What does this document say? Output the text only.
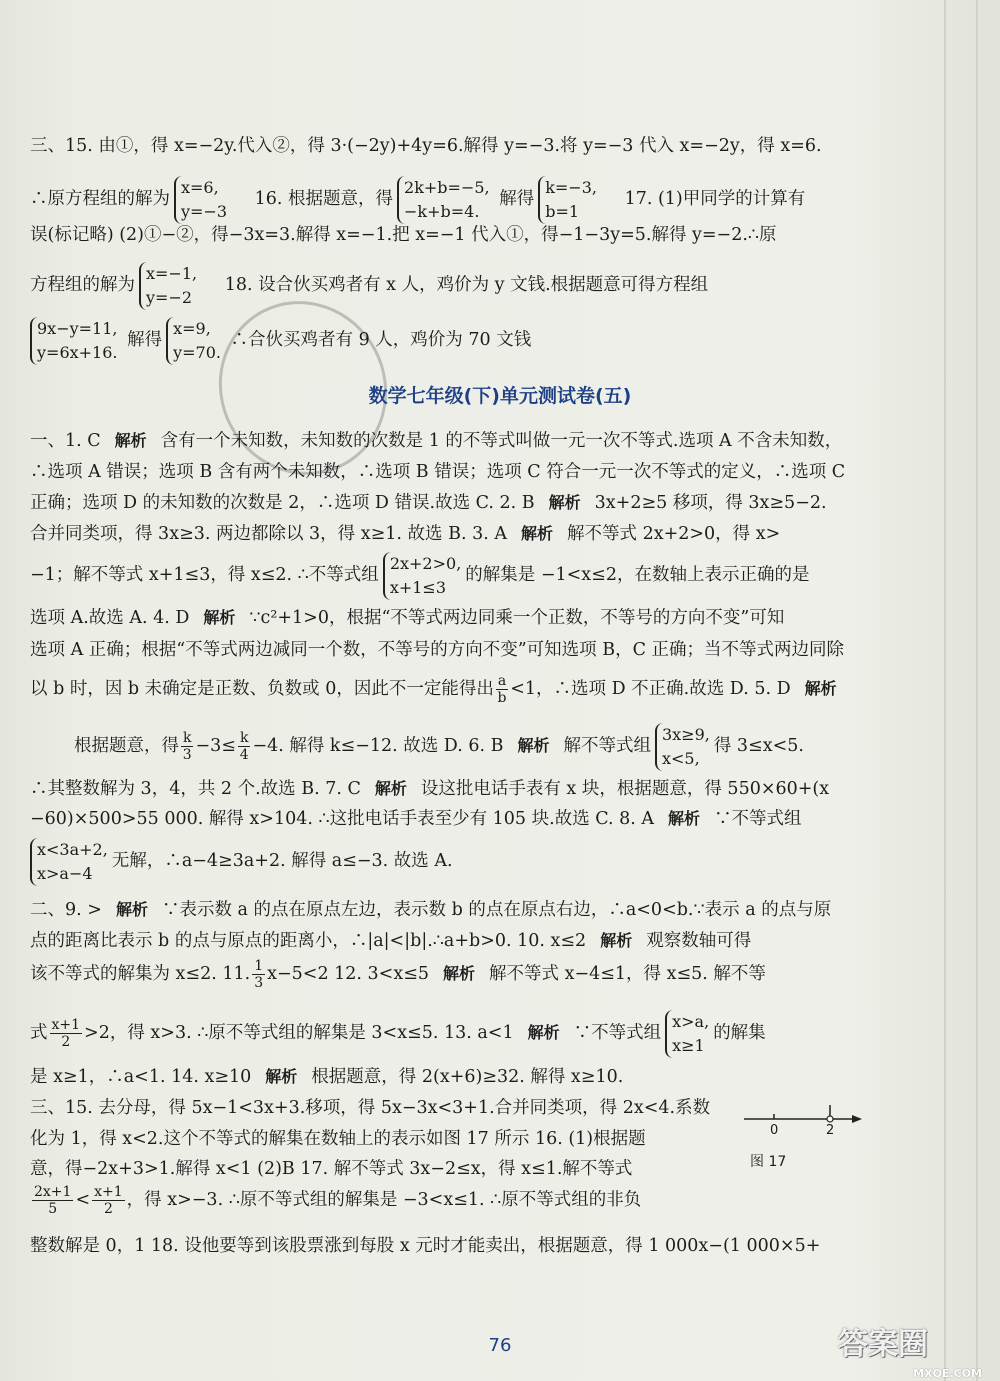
三、15. 由①，得 x=−2y.代入②，得 3·(−2y)+4y=6.解得 y=−3.将 y=−3 代入 x=−2y，得 x=6.
∴原方程组的解为
x=6,
y=−3
16. 根据题意，得
2k+b=−5,
−k+b=4.
解得
k=−3,
b=1
17. (1)甲同学的计算有
误(标记略) (2)①−②，得−3x=3.解得 x=−1.把 x=−1 代入①，得−1−3y=5.解得 y=−2.∴原
方程组的解为
x=−1,
y=−2
18. 设合伙买鸡者有 x 人，鸡价为 y 文钱.根据题意可得方程组
9x−y=11,
y=6x+16.
解得
x=9,
y=70.
∴合伙买鸡者有 9 人，鸡价为 70 文钱
数学七年级(下)单元测试卷(五)
一、1. C 解析 含有一个未知数，未知数的次数是 1 的不等式叫做一元一次不等式.选项 A 不含未知数，
∴选项 A 错误；选项 B 含有两个未知数，∴选项 B 错误；选项 C 符合一元一次不等式的定义，∴选项 C
正确；选项 D 的未知数的次数是 2，∴选项 D 错误.故选 C. 2. B 解析 3x+2≥5 移项，得 3x≥5−2.
合并同类项，得 3x≥3. 两边都除以 3，得 x≥1. 故选 B. 3. A 解析 解不等式 2x+2>0，得 x>
−1；解不等式 x+1≤3，得 x≤2. ∴不等式组
2x+2>0,
x+1≤3
的解集是 −1<x≤2，在数轴上表示正确的是
选项 A.故选 A. 4. D 解析 ∵c²+1>0，根据“不等式两边同乘一个正数，不等号的方向不变”可知
选项 A 正确；根据“不等式两边减同一个数，不等号的方向不变”可知选项 B，C 正确；当不等式两边同除
以 b 时，因 b 未确定是正数、负数或 0，因此不一定能得出 $\frac{a}{b} <1$，∴选项 D 不正确.故选 D. 5. D 解析
根据题意，得 $\frac{k}{3} -3\le \frac{k}{4} -4$. 解得 k≤−12. 故选 D. 6. B 解析 解不等式组
3x≥9,
x<5,
得 3≤x<5.
∴其整数解为 3，4，共 2 个.故选 B. 7. C 解析 设这批电话手表有 x 块，根据题意，得 550×60+(x
−60)×500>55 000. 解得 x>104. ∴这批电话手表至少有 105 块.故选 C. 8. A 解析 ∵不等式组
x<3a+2,
x>a−4
无解，∴a−4≥3a+2. 解得 a≤−3. 故选 A.
二、9. > 解析 ∵表示数 a 的点在原点左边，表示数 b 的点在原点右边，∴a<0<b.∵表示 a 的点与原
点的距离比表示 b 的点与原点的距离小，∴|a|<|b|.∴a+b>0. 10. x≤2 解析 观察数轴可得
该不等式的解集为 x≤2. 11. $\frac{1}{3} x-5<2$ 12. 3<x≤5 解析 解不等式 x−4≤1，得 x≤5. 解不等
式 $\frac{x+1}{2} >2$，得 x>3. ∴原不等式组的解集是 3<x≤5. 13. a<1 解析 ∵不等式组
x>a,
x≥1
的解集
是 x≥1，∴a<1. 14. x≥10 解析 根据题意，得 2(x+6)≥32. 解得 x≥10.
三、15. 去分母，得 5x−1<3x+3.移项，得 5x−3x<3+1.合并同类项，得 2x<4.系数
化为 1，得 x<2.这个不等式的解集在数轴上的表示如图 17 所示 16. (1)根据题
意，得−2x+3>1.解得 x<1 (2)B 17. 解不等式 3x−2≤x，得 x≤1.解不等式
$\frac{2x+1}{5} < \frac{x+1}{2}$ ，得 x>−3. ∴原不等式组的解集是 −3<x≤1. ∴原不等式组的非负
整数解是 0，1 18. 设他要等到该股票涨到每股 x 元时才能卖出，根据题意，得 1 000x−(1 000×5+
0	2
图 17
76	答案圈
MXQE.COM
